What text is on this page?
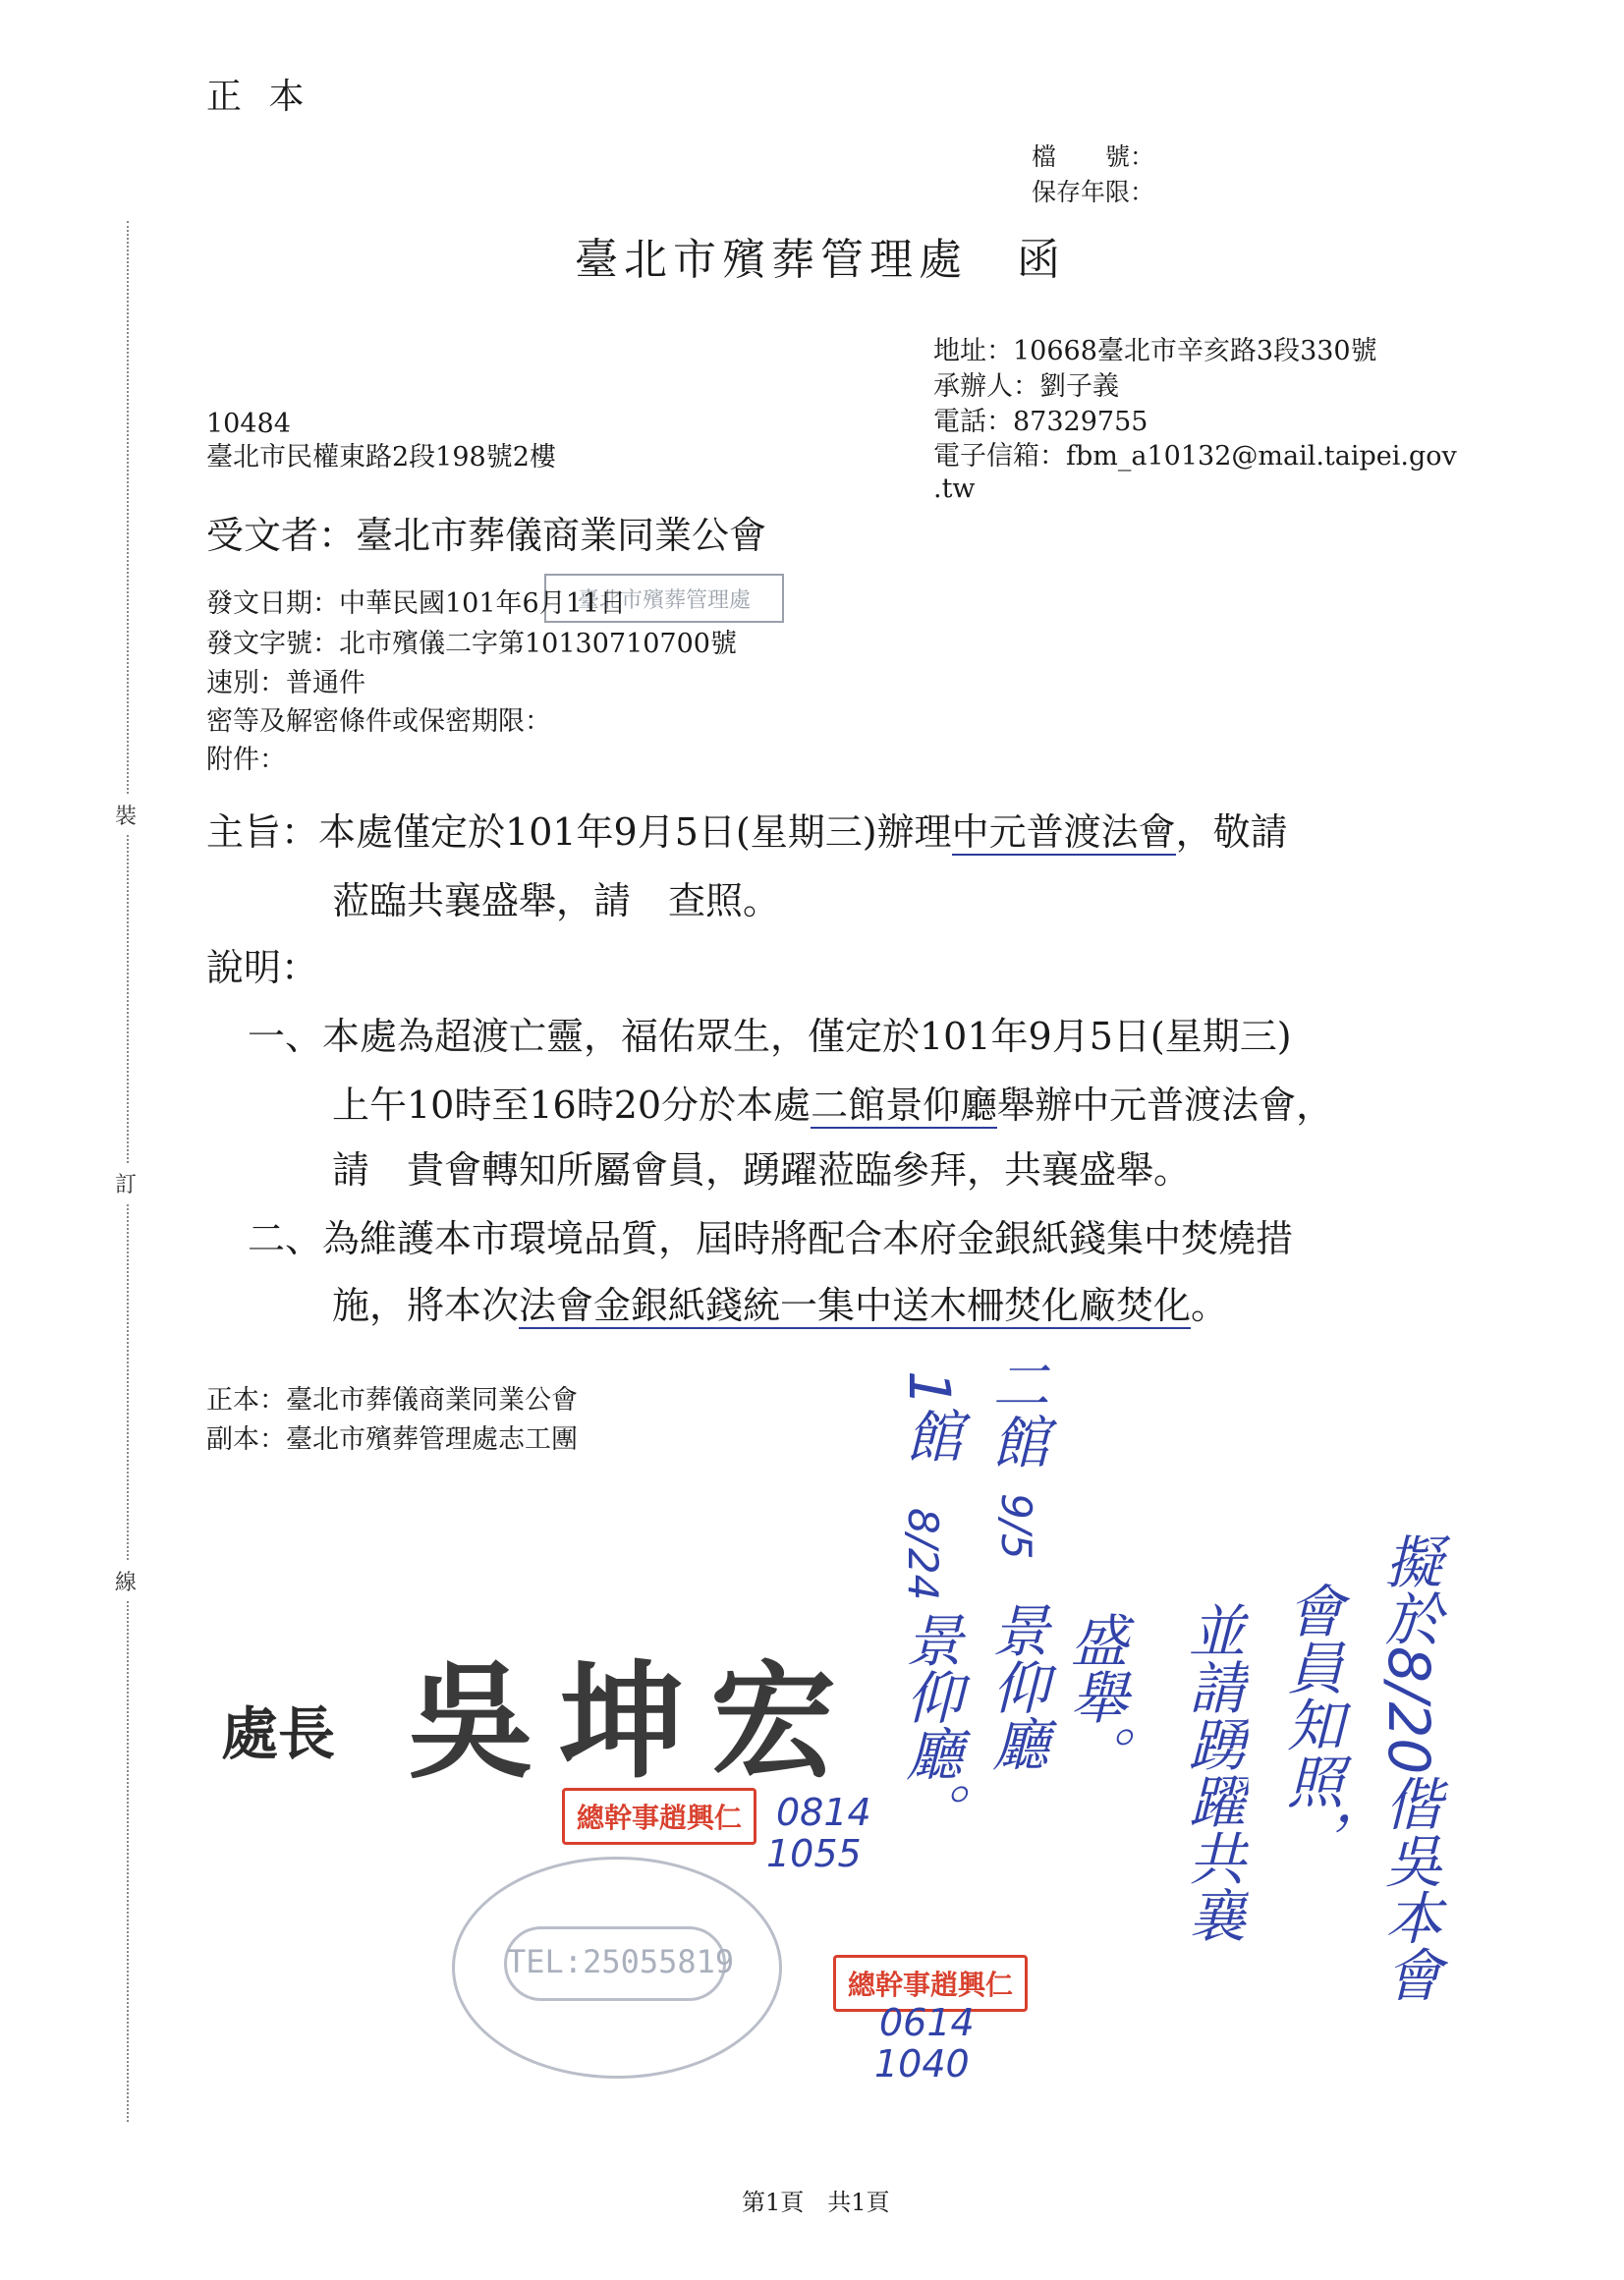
正 本
檔　　號：
保存年限：
臺北市殯葬管理處　函
裝
訂
線
地址：10668臺北市辛亥路3段330號
承辦人：劉子義
電話：87329755
電子信箱：fbm_a10132@mail.taipei.gov
.tw
10484
臺北市民權東路2段198號2樓
受文者：臺北市葬儀商業同業公會
臺北市殯葬管理處
發文日期：中華民國101年6月11日
發文字號：北市殯儀二字第10130710700號
速別：普通件
密等及解密條件或保密期限：
附件：
主旨：本處僅定於101年9月5日(星期三)辦理中元普渡法會，敬請
蒞臨共襄盛舉，請　查照。
說明：
一、本處為超渡亡靈，福佑眾生，僅定於101年9月5日(星期三)
上午10時至16時20分於本處二館景仰廳舉辦中元普渡法會，
請　貴會轉知所屬會員，踴躍蒞臨參拜，共襄盛舉。
二、為維護本市環境品質，屆時將配合本府金銀紙錢集中焚燒措
施，將本次法會金銀紙錢統一集中送木柵焚化廠焚化。
正本：臺北市葬儀商業同業公會
副本：臺北市殯葬管理處志工團
處長 吳坤宏
總幹事趙興仁
總幹事趙興仁
TEL:25055819
1館
8/24
景仰廳。
二館
9/5
景仰廳 盛舉。 並請踴躍共襄 會員知照， 擬於8/20偕吳本會
0814
1055
0614
1040
第1頁　共1頁
